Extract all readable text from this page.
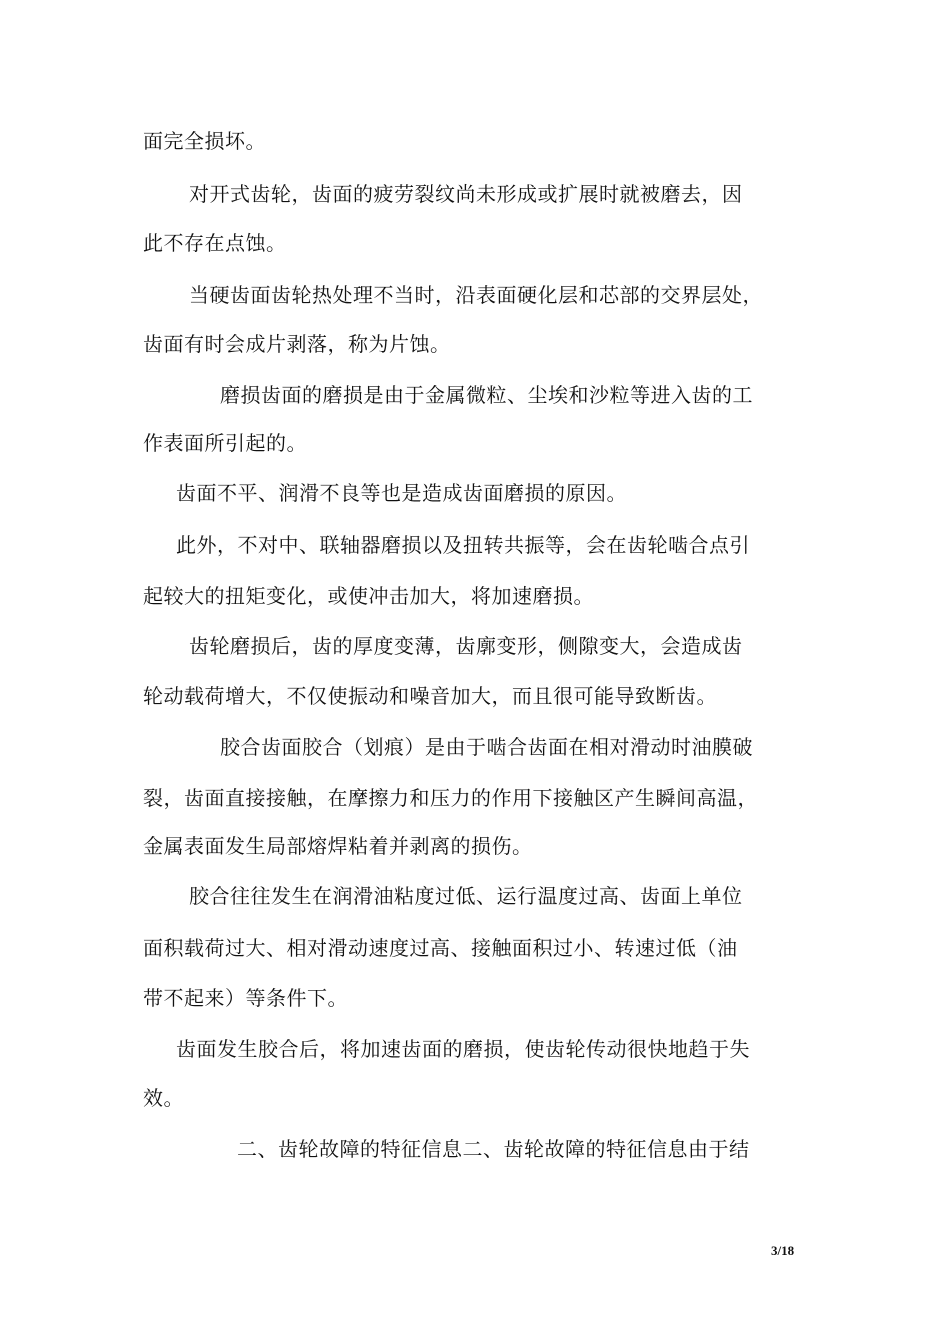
面完全损坏。
对开式齿轮，齿面的疲劳裂纹尚未形成或扩展时就被磨去，因
此不存在点蚀。
当硬齿面齿轮热处理不当时，沿表面硬化层和芯部的交界层处，
齿面有时会成片剥落，称为片蚀。
磨损齿面的磨损是由于金属微粒、尘埃和沙粒等进入齿的工
作表面所引起的。
齿面不平、润滑不良等也是造成齿面磨损的原因。
此外，不对中、联轴器磨损以及扭转共振等，会在齿轮啮合点引
起较大的扭矩变化，或使冲击加大，将加速磨损。
齿轮磨损后，齿的厚度变薄，齿廓变形，侧隙变大，会造成齿
轮动载荷增大，不仅使振动和噪音加大，而且很可能导致断齿。
胶合齿面胶合（划痕）是由于啮合齿面在相对滑动时油膜破
裂，齿面直接接触，在摩擦力和压力的作用下接触区产生瞬间高温，
金属表面发生局部熔焊粘着并剥离的损伤。
胶合往往发生在润滑油粘度过低、运行温度过高、齿面上单位
面积载荷过大、相对滑动速度过高、接触面积过小、转速过低（油
带不起来）等条件下。
齿面发生胶合后，将加速齿面的磨损，使齿轮传动很快地趋于失
效。
二、齿轮故障的特征信息二、齿轮故障的特征信息由于结
3/18
